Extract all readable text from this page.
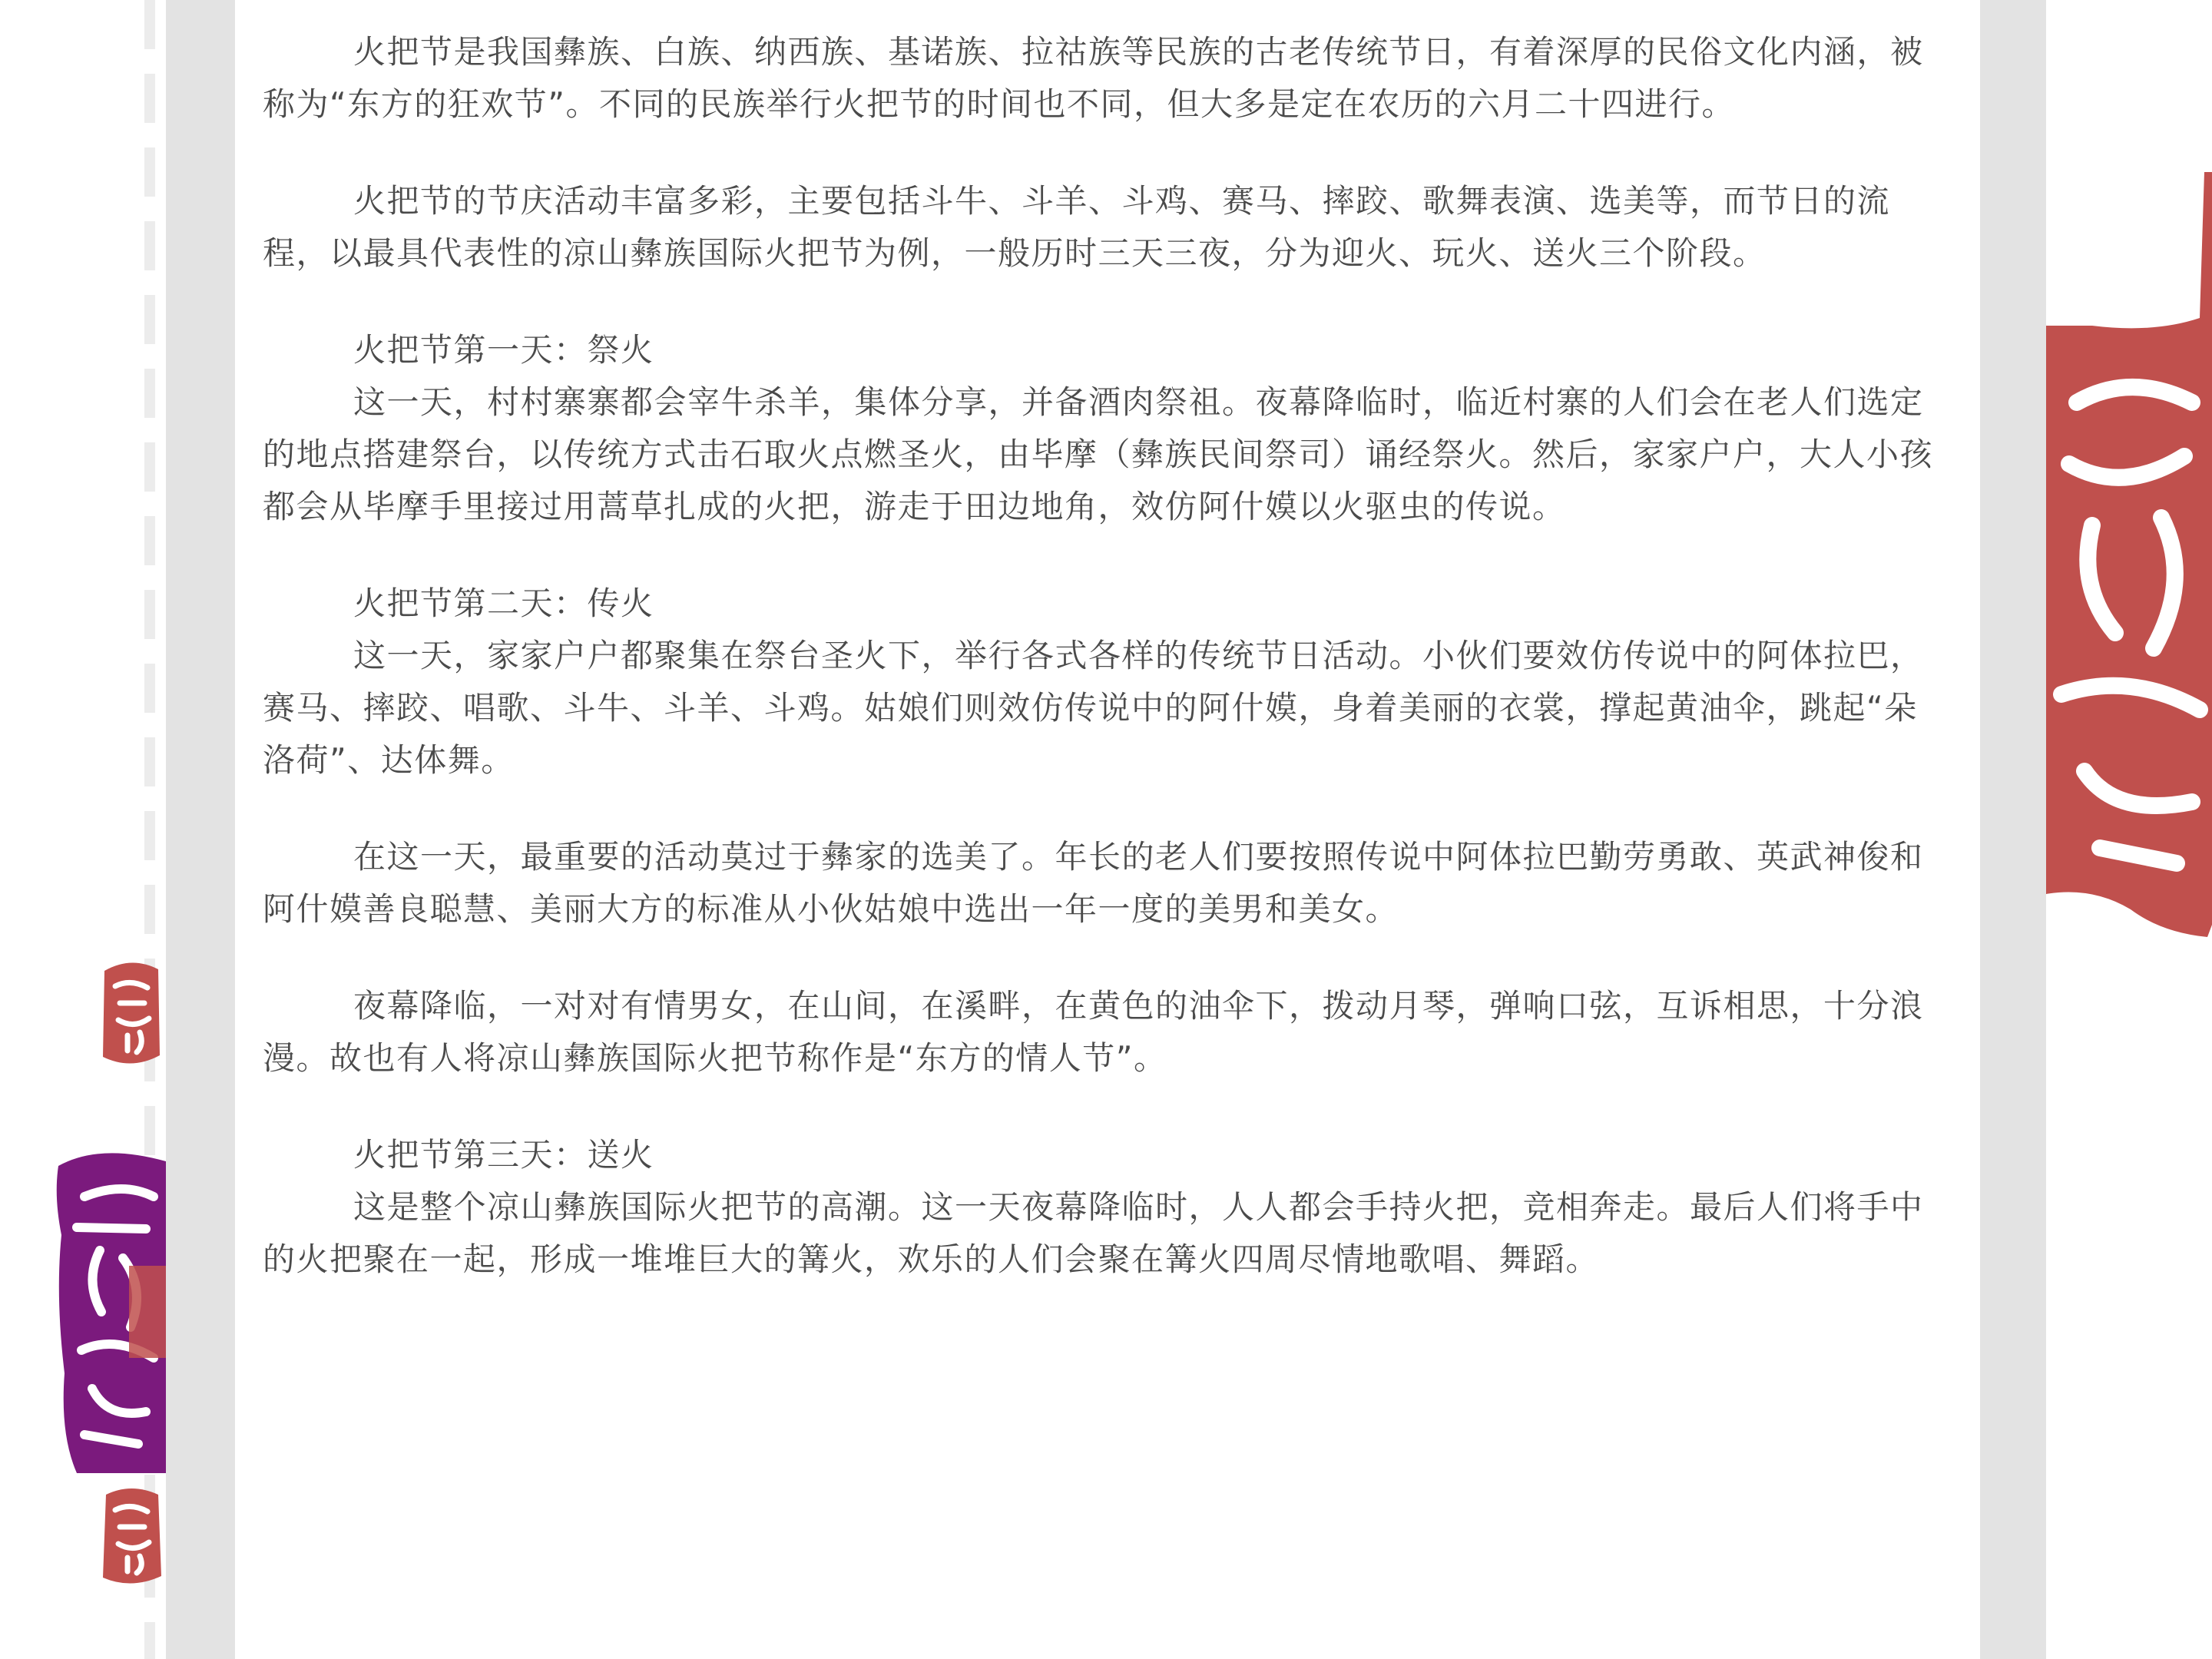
火把节是我国彝族、白族、纳西族、基诺族、拉祜族等民族的古老传统节日，有着深厚的民俗文化内涵，被称为“东方的狂欢节”。不同的民族举行火把节的时间也不同，但大多是定在农历的六月二十四进行。

火把节的节庆活动丰富多彩，主要包括斗牛、斗羊、斗鸡、赛马、摔跤、歌舞表演、选美等，而节日的流程，以最具代表性的凉山彝族国际火把节为例，一般历时三天三夜，分为迎火、玩火、送火三个阶段。

火把节第一天：祭火
这一天，村村寨寨都会宰牛杀羊，集体分享，并备酒肉祭祖。夜幕降临时，临近村寨的人们会在老人们选定的地点搭建祭台，以传统方式击石取火点燃圣火，由毕摩（彝族民间祭司）诵经祭火。然后，家家户户，大人小孩都会从毕摩手里接过用蒿草扎成的火把，游走于田边地角，效仿阿什嫫以火驱虫的传说。
火把节第二天：传火
这一天，家家户户都聚集在祭台圣火下，举行各式各样的传统节日活动。小伙们要效仿传说中的阿体拉巴，赛马、摔跤、唱歌、斗牛、斗羊、斗鸡。姑娘们则效仿传说中的阿什嫫，身着美丽的衣裳，撑起黄油伞，跳起“朵洛荷”、达体舞。

在这一天，最重要的活动莫过于彝家的选美了。年长的老人们要按照传说中阿体拉巴勤劳勇敢、英武神俊和阿什嫫善良聪慧、美丽大方的标准从小伙姑娘中选出一年一度的美男和美女。

夜幕降临，一对对有情男女，在山间，在溪畔，在黄色的油伞下，拨动月琴，弹响口弦，互诉相思，十分浪漫。故也有人将凉山彝族国际火把节称作是“东方的情人节”。

火把节第三天：送火
这是整个凉山彝族国际火把节的高潮。这一天夜幕降临时，人人都会手持火把，竞相奔走。最后人们将手中的火把聚在一起，形成一堆堆巨大的篝火，欢乐的人们会聚在篝火四周尽情地歌唱、舞蹈。
